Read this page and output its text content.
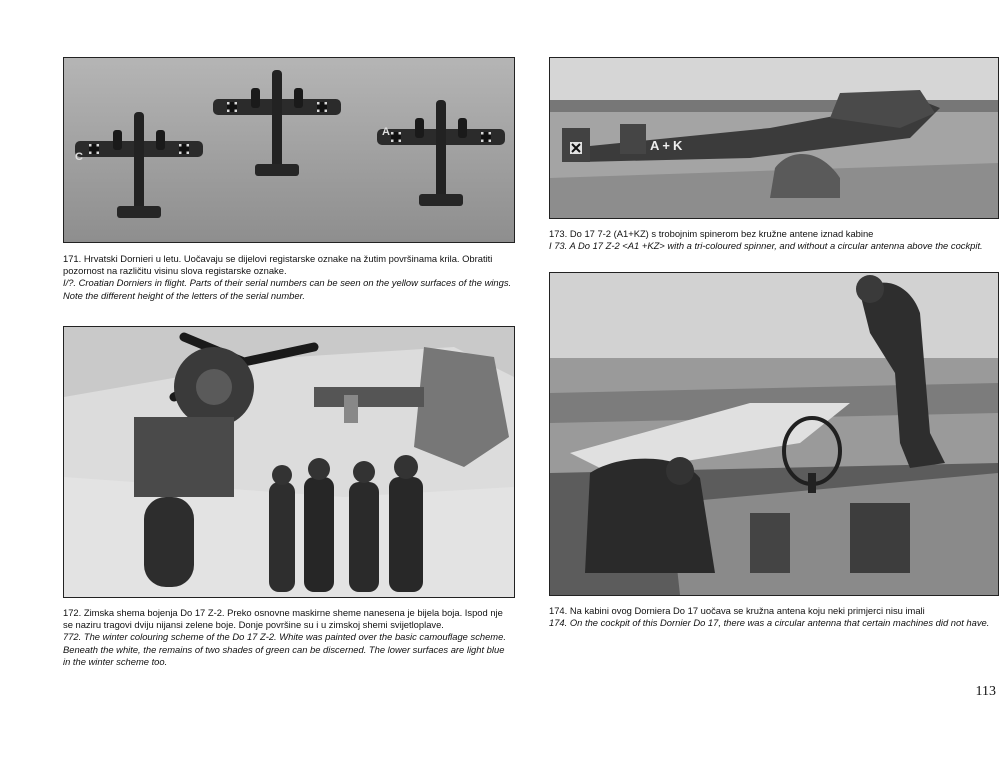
C
A

171. Hrvatski Dornieri u letu. Uočavaju se dijelovi registarske oznake na žutim površinama krila. Obratiti pozornost na različitu visinu slova registarske oznake.

I/?. Croatian Dorniers in flight. Parts of their serial numbers can be seen on the yellow surfaces of the wings. Note the different height of the letters of the serial number.

172. Zimska shema bojenja Do 17 Z-2. Preko osnovne maskirne sheme nanesena je bijela boja. Ispod nje se naziru tragovi dviju nijansi zelene boje. Donje površine su i u zimskoj shemi svijetloplave.

772. The winter colouring scheme of the Do 17 Z-2. White was painted over the basic camouflage scheme. Beneath the white, the remains of two shades of green can be discerned. The lower surfaces are light blue in the winter scheme too.

A+K

173. Do 17 7-2 (A1+KZ) s trobojnim spinerom bez kružne antene iznad kabine

I 73. A Do 17 Z-2 <A1 +KZ> with a tri-coloured spinner, and without a circular antenna above the cockpit.

174. Na kabini ovog Dorniera Do 17 uočava se kružna antena koju neki primjerci nisu imali

174. On the cockpit of this Dornier Do 17, there was a circular antenna that certain machines did not have.

113
